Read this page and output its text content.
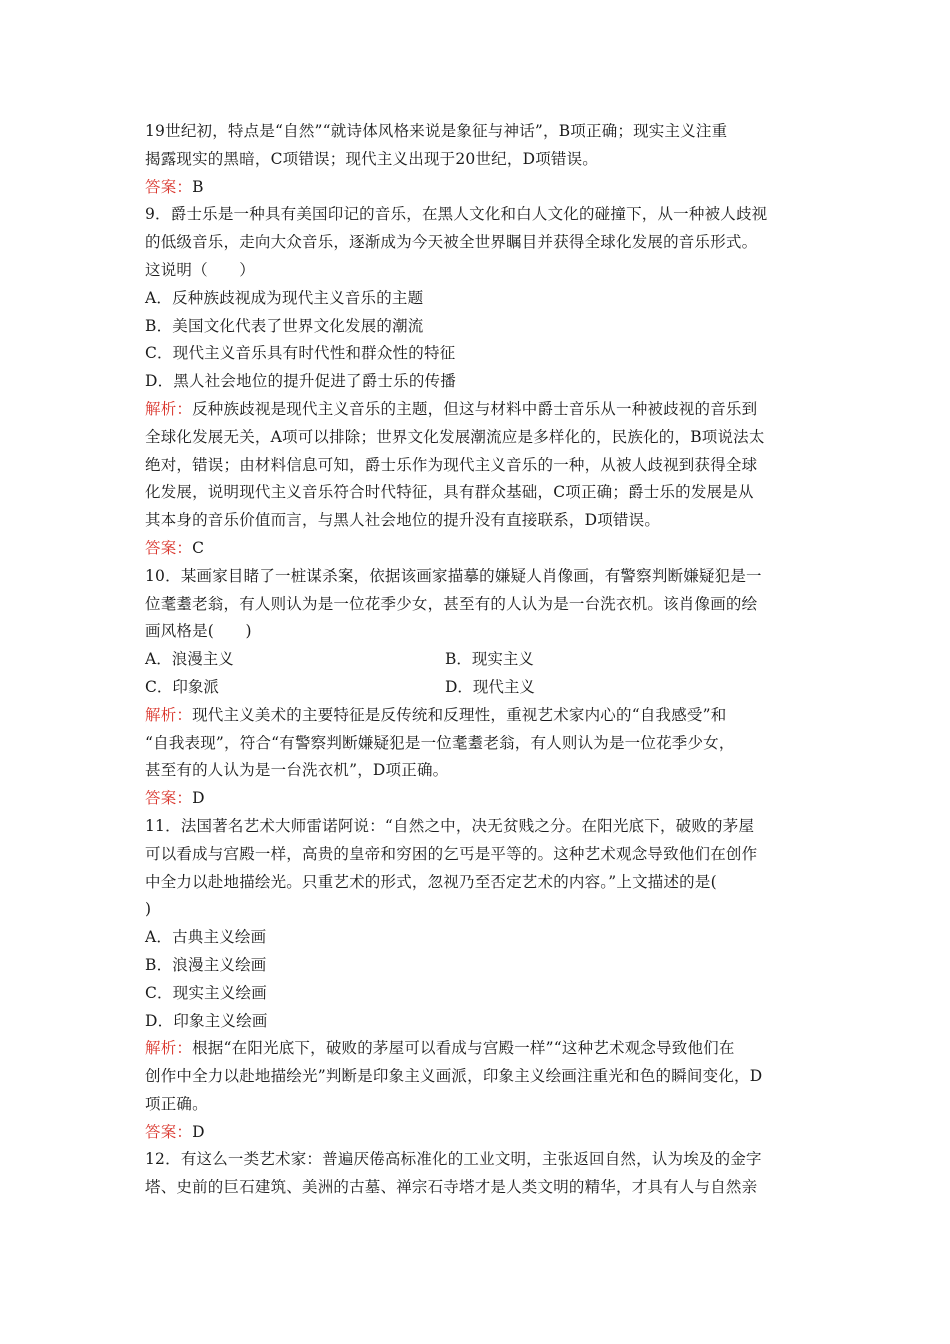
19世纪初，特点是“自然”“就诗体风格来说是象征与神话”，B项正确；现实主义注重
揭露现实的黑暗，C项错误；现代主义出现于20世纪，D项错误。
答案：B
9．爵士乐是一种具有美国印记的音乐，在黑人文化和白人文化的碰撞下，从一种被人歧视
的低级音乐，走向大众音乐，逐渐成为今天被全世界瞩目并获得全球化发展的音乐形式。
这说明（　　）
A．反种族歧视成为现代主义音乐的主题
B．美国文化代表了世界文化发展的潮流
C．现代主义音乐具有时代性和群众性的特征
D．黑人社会地位的提升促进了爵士乐的传播
解析：反种族歧视是现代主义音乐的主题，但这与材料中爵士音乐从一种被歧视的音乐到
全球化发展无关，A项可以排除；世界文化发展潮流应是多样化的，民族化的，B项说法太
绝对，错误；由材料信息可知，爵士乐作为现代主义音乐的一种，从被人歧视到获得全球
化发展，说明现代主义音乐符合时代特征，具有群众基础，C项正确；爵士乐的发展是从
其本身的音乐价值而言，与黑人社会地位的提升没有直接联系，D项错误。
答案：C
10．某画家目睹了一桩谋杀案，依据该画家描摹的嫌疑人肖像画，有警察判断嫌疑犯是一
位耄耋老翁，有人则认为是一位花季少女，甚至有的人认为是一台洗衣机。该肖像画的绘
画风格是(　　)
A．浪漫主义	B．现实主义
C．印象派	D．现代主义
解析：现代主义美术的主要特征是反传统和反理性，重视艺术家内心的“自我感受”和
“自我表现”，符合“有警察判断嫌疑犯是一位耄耋老翁，有人则认为是一位花季少女，
甚至有的人认为是一台洗衣机”，D项正确。
答案：D
11．法国著名艺术大师雷诺阿说：“自然之中，决无贫贱之分。在阳光底下，破败的茅屋
可以看成与宫殿一样，高贵的皇帝和穷困的乞丐是平等的。这种艺术观念导致他们在创作
中全力以赴地描绘光。只重艺术的形式，忽视乃至否定艺术的内容。”上文描述的是(
)
A．古典主义绘画
B．浪漫主义绘画
C．现实主义绘画
D．印象主义绘画
解析：根据“在阳光底下，破败的茅屋可以看成与宫殿一样”“这种艺术观念导致他们在
创作中全力以赴地描绘光”判断是印象主义画派，印象主义绘画注重光和色的瞬间变化，D
项正确。
答案：D
12．有这么一类艺术家：普遍厌倦高标准化的工业文明，主张返回自然，认为埃及的金字
塔、史前的巨石建筑、美洲的古墓、禅宗石寺塔才是人类文明的精华，才具有人与自然亲
